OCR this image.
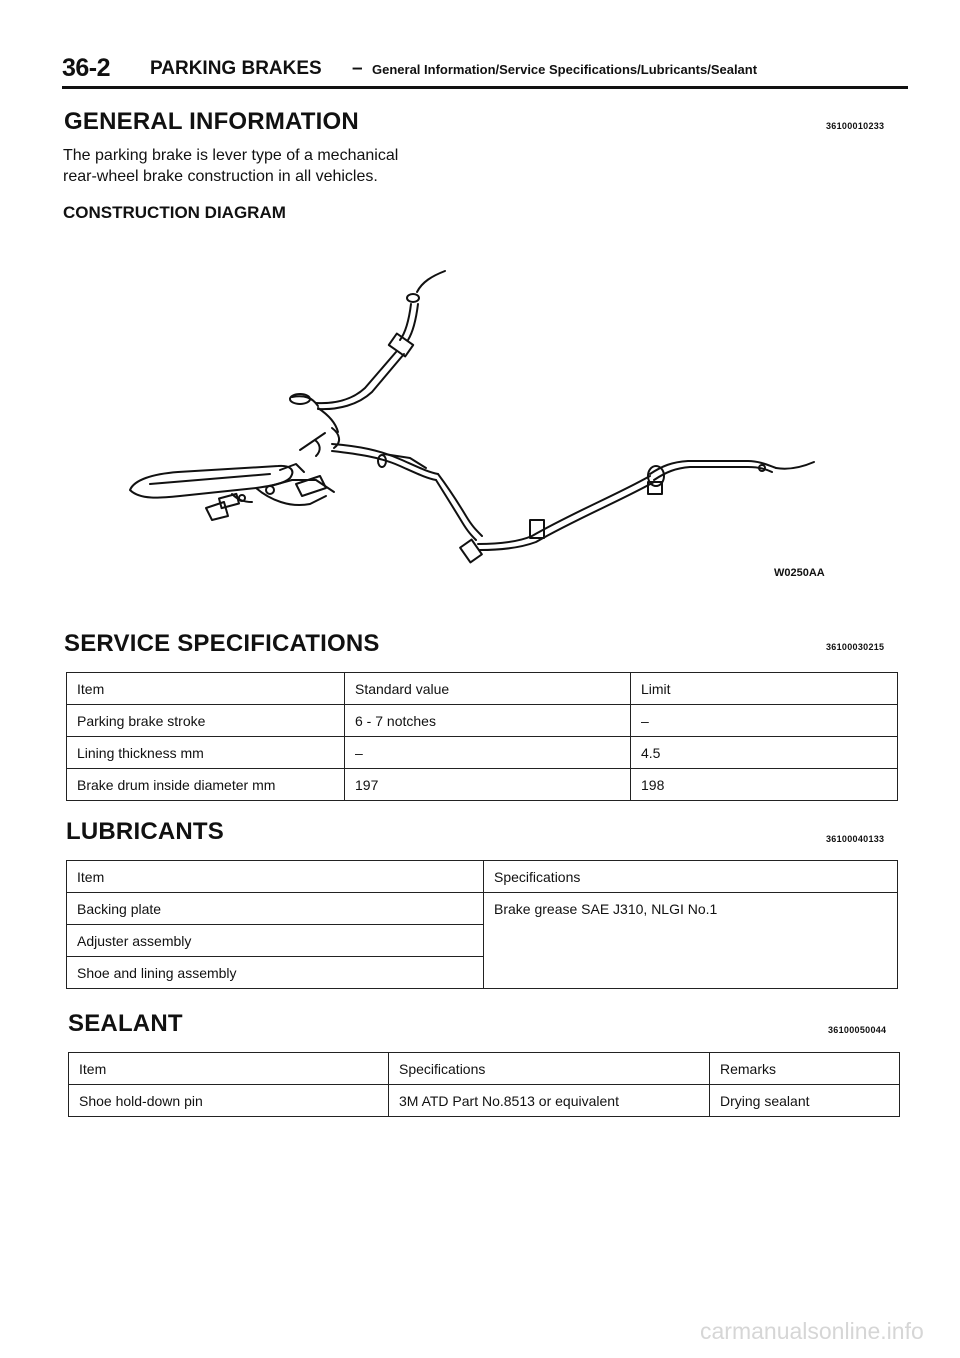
36-2 PARKING BRAKES – General Information/Service Specifications/Lubricants/Sealant
GENERAL INFORMATION	36100010233
The parking brake is lever type of a mechanical
rear-wheel brake construction in all vehicles.
CONSTRUCTION DIAGRAM
W0250AA
SERVICE SPECIFICATIONS	36100030215
Item	Standard value	Limit
Parking brake stroke	6 - 7 notches	–
Lining thickness mm	–	4.5
Brake drum inside diameter mm	197	198
LUBRICANTS	36100040133
Item	Specifications
Backing plate	Brake grease SAE J310, NLGI No.1
Adjuster assembly	
Shoe and lining assembly	
SEALANT	36100050044
Item	Specifications	Remarks
Shoe hold-down pin	3M ATD Part No.8513 or equivalent	Drying sealant
carmanualsonline.info
